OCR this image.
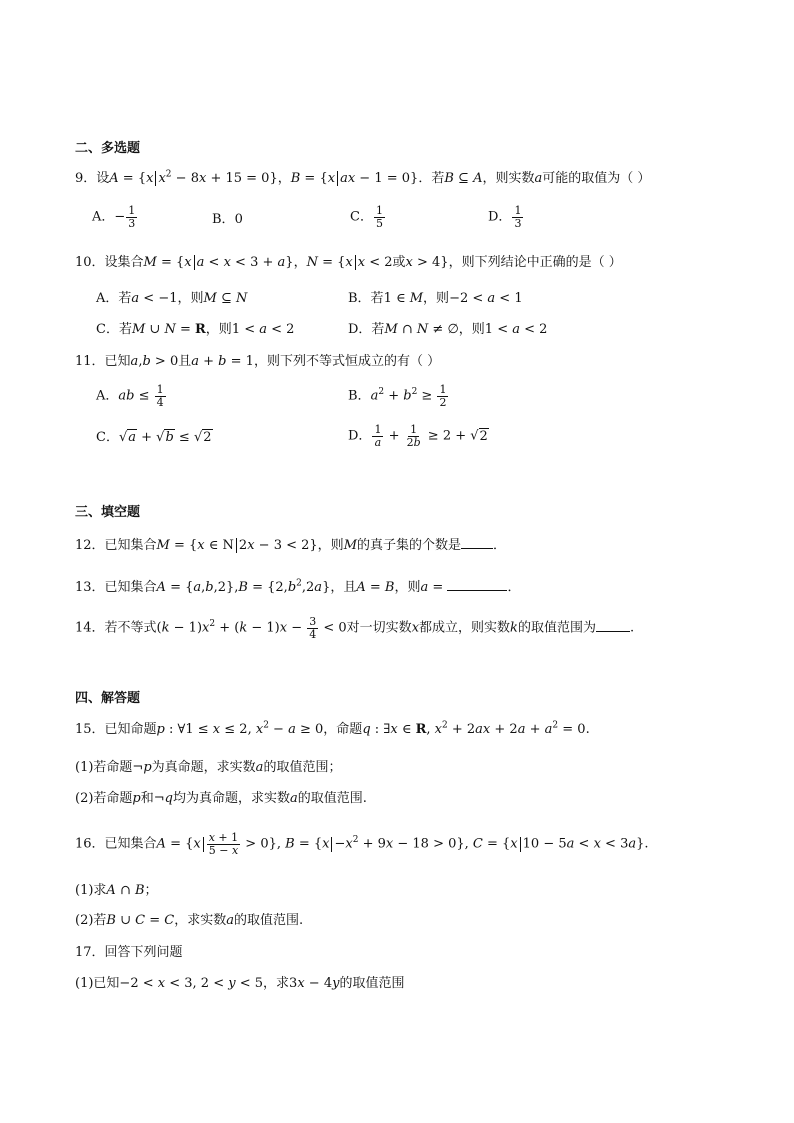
二、多选题
9．设A = {x $x^2 - 8x + 15 = 0$}，B = {x ax − 1 = 0}．若B ⊆ A，则实数a可能的取值为（ ）
A．− $\frac{1}{3}$	B．0	C． $\frac{1}{5}$	D． $\frac{1}{3}$
10．设集合M = {x a < x < 3 + a}，N = {x x < 2或x > 4}，则下列结论中正确的是（ ）
A．若a < −1，则M ⊆ N	B．若1 ∈ M，则−2 < a < 1
C．若M ∪ N = R，则1 < a < 2	D．若M ∩ N ≠ ∅，则1 < a < 2
11．已知a,b > 0且a + b = 1，则下列不等式恒成立的有（ ）
A．ab ≤ $\frac{1}{4}$	B．$a^2 + b^2 \ge \frac{1}{2}$
C．√a + √b ≤ √2	D． $\frac{1}{a} + \frac{1}{2b} \ge 2 + √2$
三、填空题
12．已知集合M = {x ∈ N 2x − 3 < 2}，则M的真子集的个数是 ．
13．已知集合$A = \{a,b,2\},B = \{2,b^2,2a\}$，且A = B，则a =	．
14．若不等式$(k - 1)x^2 + (k - 1)x - \frac{3}{4} < 0$对一切实数x都成立，则实数k的取值范围为	.
四、解答题
15．已知命题p : ∀1 ≤ x ≤ 2, $x^2 - a \ge 0$，命题q : ∃x ∈ R, $x^2 + 2ax + 2a + a^2 = 0$.
(1)若命题¬p为真命题，求实数a的取值范围；
(2)若命题p和¬q均为真命题，求实数a的取值范围.
16．已知集合$A = \{x \frac{x + 1}{5 - x} > 0\}$, $B = \{x -x^2 + 9x - 18 > 0\}$, C = {x 10 − 5a < x < 3a}.
(1)求A ∩ B；
(2)若B ∪ C = C，求实数a的取值范围.
17．回答下列问题
(1)已知−2 < x < 3, 2 < y < 5，求3x − 4y的取值范围
